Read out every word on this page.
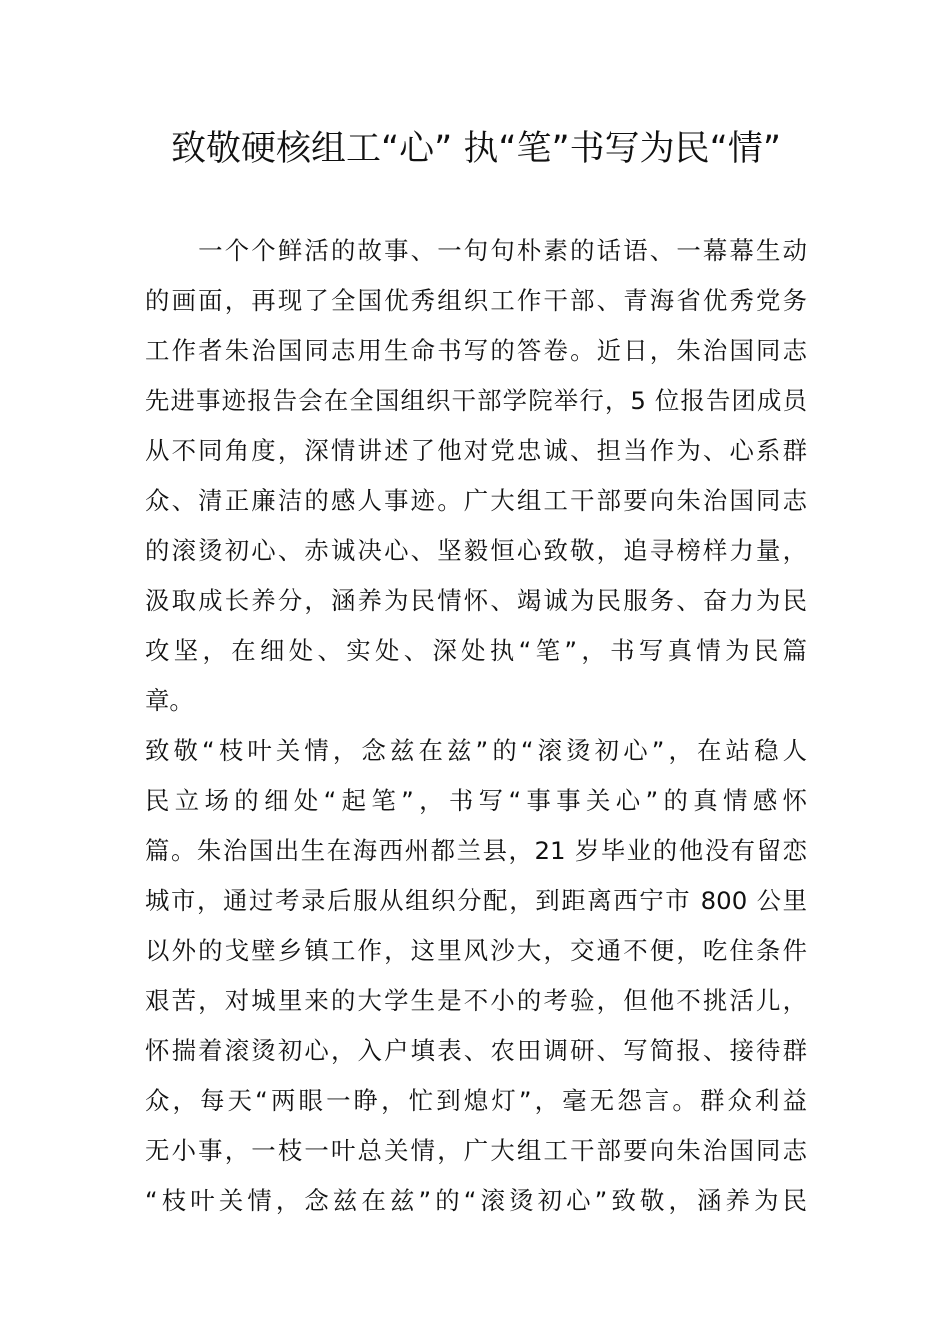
致敬硬核组工“心” 执“笔”书写为民“情”
　　一个个鲜活的故事、一句句朴素的话语、一幕幕生动
的画面，再现了全国优秀组织工作干部、青海省优秀党务
工作者朱治国同志用生命书写的答卷。近日，朱治国同志
先进事迹报告会在全国组织干部学院举行，5 位报告团成员
从不同角度，深情讲述了他对党忠诚、担当作为、心系群
众、清正廉洁的感人事迹。广大组工干部要向朱治国同志
的滚烫初心、赤诚决心、坚毅恒心致敬，追寻榜样力量，
汲取成长养分，涵养为民情怀、竭诚为民服务、奋力为民
攻坚，在细处、实处、深处执“笔”，书写真情为民篇
章。
致敬“枝叶关情，念兹在兹”的“滚烫初心”，在站稳人
民立场的细处“起笔”，书写“事事关心”的真情感怀
篇。朱治国出生在海西州都兰县，21 岁毕业的他没有留恋
城市，通过考录后服从组织分配，到距离西宁市 800 公里
以外的戈壁乡镇工作，这里风沙大，交通不便，吃住条件
艰苦，对城里来的大学生是不小的考验，但他不挑活儿，
怀揣着滚烫初心，入户填表、农田调研、写简报、接待群
众，每天“两眼一睁，忙到熄灯”，毫无怨言。群众利益
无小事，一枝一叶总关情，广大组工干部要向朱治国同志
“枝叶关情，念兹在兹”的“滚烫初心”致敬，涵养为民
